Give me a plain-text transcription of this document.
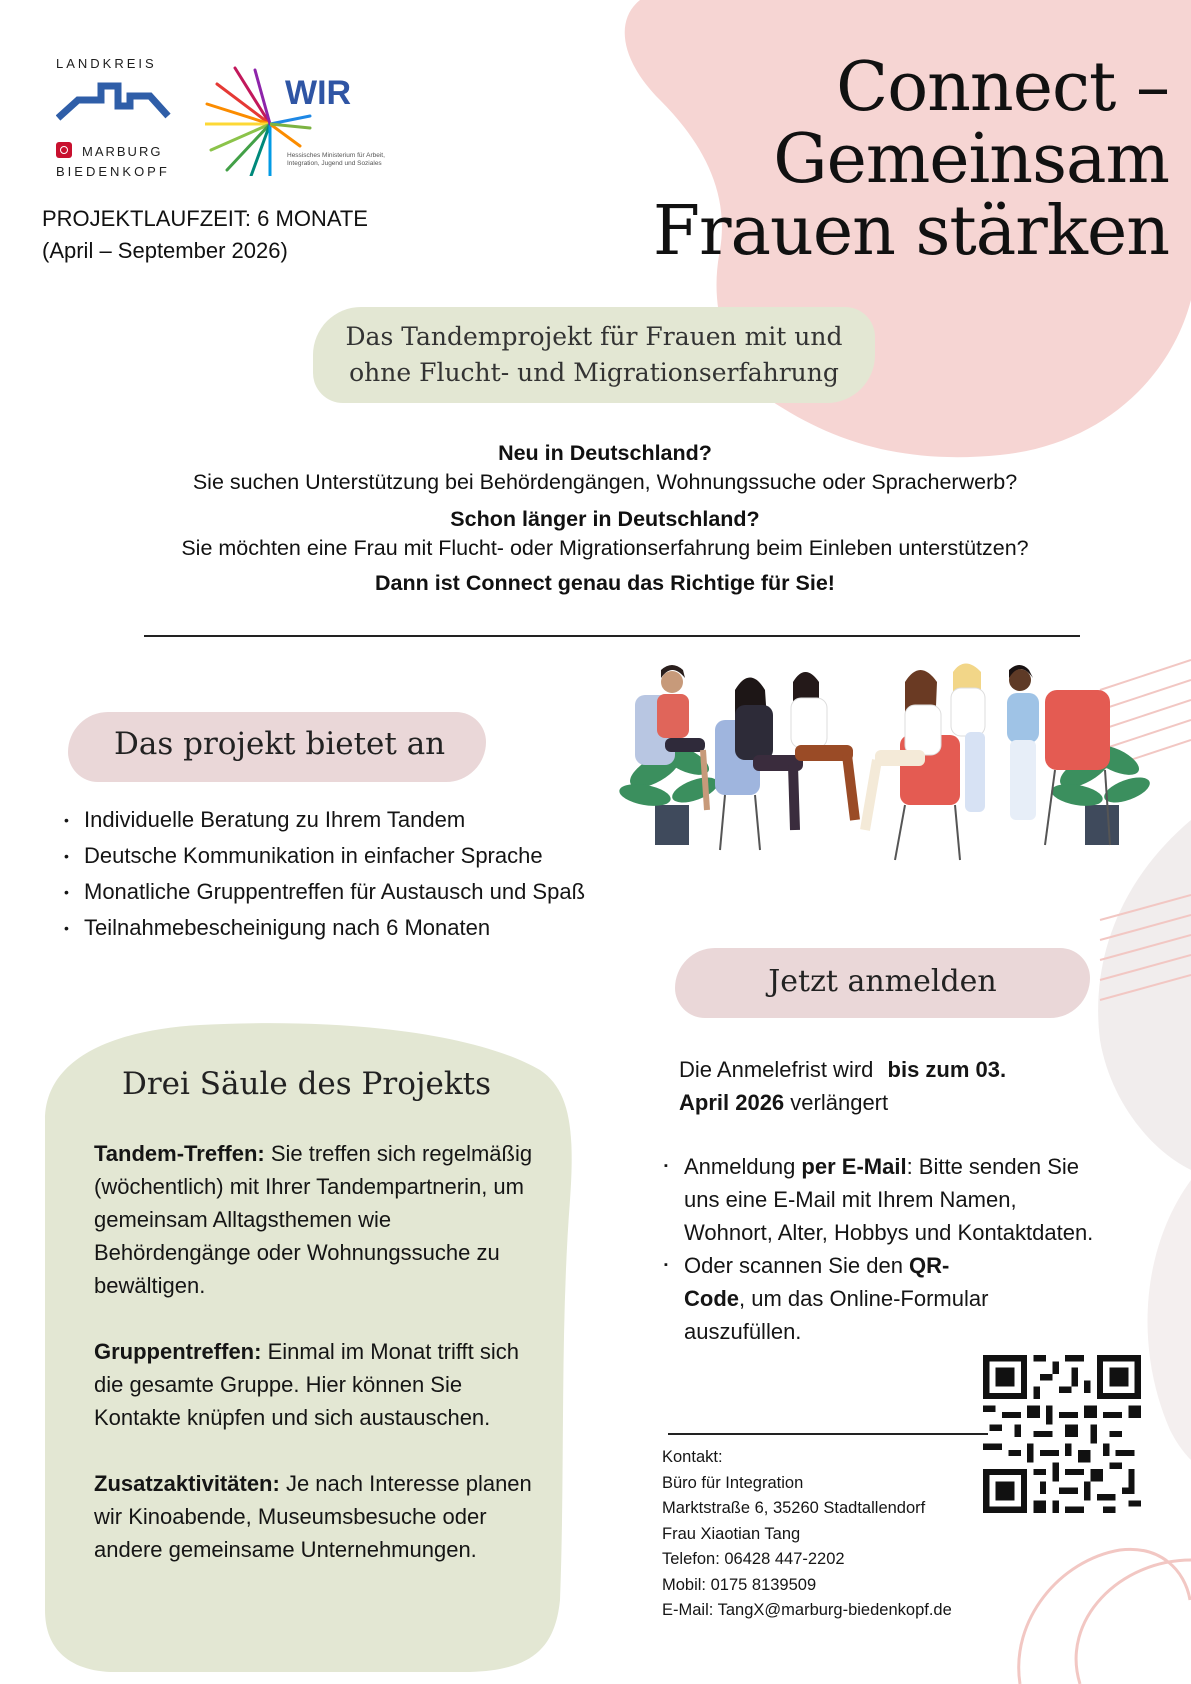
LANDKREIS
MARBURG
BIEDENKOPF
WIR
Hessisches Ministerium für Arbeit, Integration, Jugend und Soziales
PROJEKTLAUFZEIT: 6 MONATE
(April – September 2026)
Connect –
Gemeinsam
Frauen stärken
Das Tandemprojekt für Frauen mit und
ohne Flucht- und Migrationserfahrung
Neu in Deutschland?
Sie suchen Unterstützung bei Behördengängen, Wohnungssuche oder Spracherwerb?
Schon länger in Deutschland?
Sie möchten eine Frau mit Flucht- oder Migrationserfahrung beim Einleben unterstützen?
Dann ist Connect genau das Richtige für Sie!
Das projekt bietet an
• Individuelle Beratung zu Ihrem Tandem
• Deutsche Kommunikation in einfacher Sprache
• Monatliche Gruppentreffen für Austausch und Spaß
• Teilnahmebescheinigung nach 6 Monaten
Jetzt anmelden
Drei Säule des Projekts

Tandem-Treffen: Sie treffen sich regelmäßig (wöchentlich) mit Ihrer Tandempartnerin, um gemeinsam Alltagsthemen wie Behördengänge oder Wohnungssuche zu bewältigen.

Gruppentreffen: Einmal im Monat trifft sich die gesamte Gruppe. Hier können Sie Kontakte knüpfen und sich austauschen.

Zusatzaktivitäten: Je nach Interesse planen wir Kinoabende, Museumsbesuche oder andere gemeinsame Unternehmungen.

Die Anmelefrist wird bis zum 03.
April 2026 verlängert
▪ Anmeldung per E-Mail: Bitte senden Sie uns eine E-Mail mit Ihrem Namen, Wohnort, Alter, Hobbys und Kontaktdaten.
▪ Oder scannen Sie den QR-Code, um das Online-Formular auszufüllen.
Kontakt:
Büro für Integration
Marktstraße 6, 35260 Stadtallendorf
Frau Xiaotian Tang
Telefon: 06428 447-2202
Mobil: 0175 8139509
E-Mail: TangX@marburg-biedenkopf.de
